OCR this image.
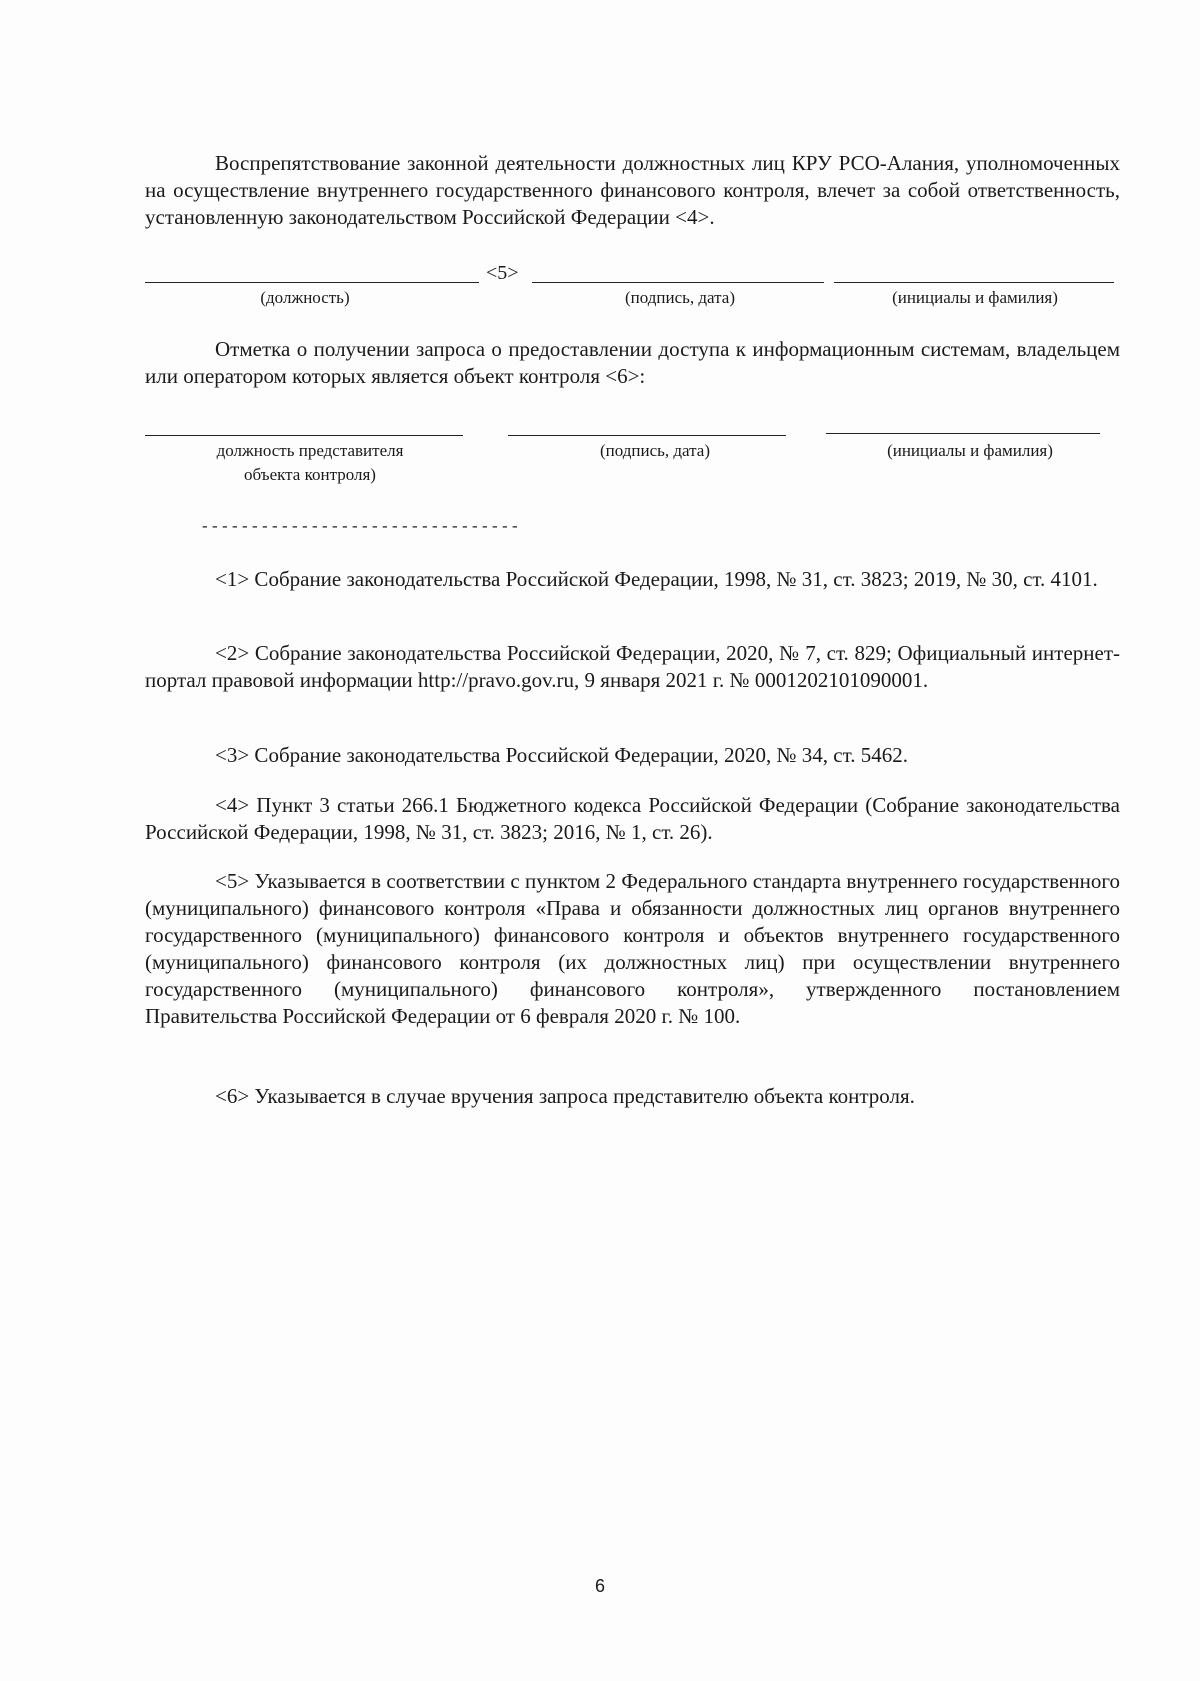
Воспрепятствование законной деятельности должностных лиц КРУ РСО-Алания, уполномоченных на осуществление внутреннего государственного финансового контроля, влечет за собой ответственность, установленную законодательством Российской Федерации <4>.
<5>
(должность)	(подпись, дата)	(инициалы и фамилия)
Отметка о получении запроса о предоставлении доступа к информационным системам, владельцем или оператором которых является объект контроля <6>:
должность представителя
объекта контроля)
(подпись, дата)	(инициалы и фамилия)
--------------------------------
<1> Собрание законодательства Российской Федерации, 1998, № 31, ст. 3823; 2019, № 30, ст. 4101.
<2> Собрание законодательства Российской Федерации, 2020, № 7, ст. 829; Официальный интернет-портал правовой информации http://pravo.gov.ru, 9 января 2021 г. № 0001202101090001.
<3> Собрание законодательства Российской Федерации, 2020, № 34, ст. 5462.
<4> Пункт 3 статьи 266.1 Бюджетного кодекса Российской Федерации (Собрание законодательства Российской Федерации, 1998, № 31, ст. 3823; 2016, № 1, ст. 26).
<5> Указывается в соответствии с пунктом 2 Федерального стандарта внутреннего государственного (муниципального) финансового контроля «Права и обязанности должностных лиц органов внутреннего государственного (муниципального) финансового контроля и объектов внутреннего государственного (муниципального) финансового контроля (их должностных лиц) при осуществлении внутреннего государственного (муниципального) финансового контроля», утвержденного постановлением Правительства Российской Федерации от 6 февраля 2020 г. № 100.
<6> Указывается в случае вручения запроса представителю объекта контроля.
6
